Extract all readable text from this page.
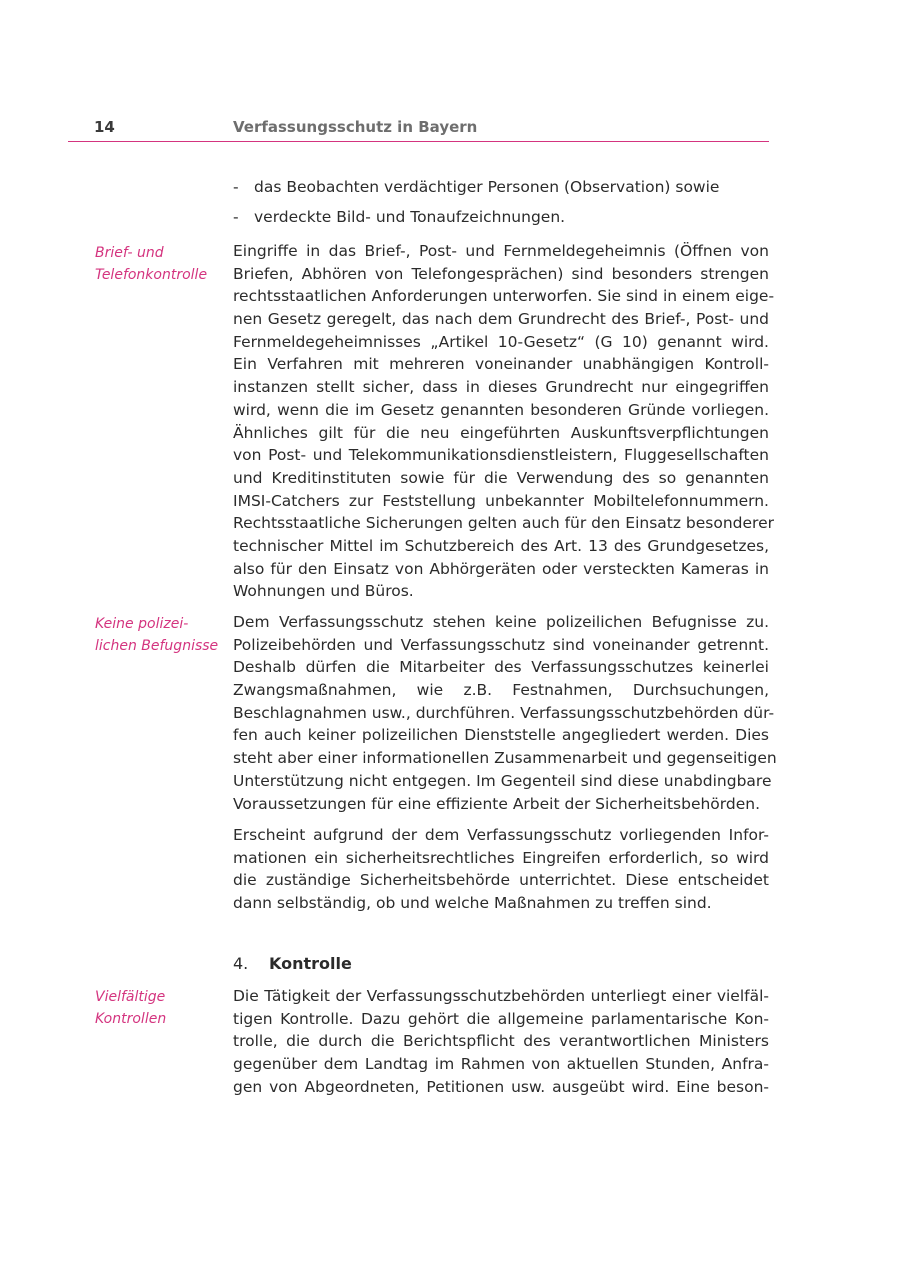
14	Verfassungsschutz in Bayern
- das Beobachten verdächtiger Personen (Observation) sowie
- verdeckte Bild- und Tonaufzeichnungen.
Brief- und
Telefonkontrolle
Eingriffe in das Brief-, Post- und Fernmeldegeheimnis (Öffnen von
Briefen, Abhören von Telefongesprächen) sind besonders strengen
rechtsstaatlichen Anforderungen unterworfen. Sie sind in einem eige-
nen Gesetz geregelt, das nach dem Grundrecht des Brief-, Post- und
Fernmeldegeheimnisses „Artikel 10-Gesetz“ (G 10) genannt wird.
Ein Verfahren mit mehreren voneinander unabhängigen Kontroll-
instanzen stellt sicher, dass in dieses Grundrecht nur eingegriffen
wird, wenn die im Gesetz genannten besonderen Gründe vorliegen.
Ähnliches gilt für die neu eingeführten Auskunftsverpflichtungen
von Post- und Telekommunikationsdienstleistern, Fluggesellschaften
und Kreditinstituten sowie für die Verwendung des so genannten
IMSI-Catchers zur Feststellung unbekannter Mobiltelefonnummern.
Rechtsstaatliche Sicherungen gelten auch für den Einsatz besonderer
technischer Mittel im Schutzbereich des Art. 13 des Grundgesetzes,
also für den Einsatz von Abhörgeräten oder versteckten Kameras in
Wohnungen und Büros.
Keine polizei-
lichen Befugnisse
Dem Verfassungsschutz stehen keine polizeilichen Befugnisse zu.
Polizeibehörden und Verfassungsschutz sind voneinander getrennt.
Deshalb dürfen die Mitarbeiter des Verfassungsschutzes keinerlei
Zwangsmaßnahmen, wie z.B. Festnahmen, Durchsuchungen,
Beschlagnahmen usw., durchführen. Verfassungsschutzbehörden dür-
fen auch keiner polizeilichen Dienststelle angegliedert werden. Dies
steht aber einer informationellen Zusammenarbeit und gegenseitigen
Unterstützung nicht entgegen. Im Gegenteil sind diese unabdingbare
Voraussetzungen für eine effiziente Arbeit der Sicherheitsbehörden.
Erscheint aufgrund der dem Verfassungsschutz vorliegenden Infor-
mationen ein sicherheitsrechtliches Eingreifen erforderlich, so wird
die zuständige Sicherheitsbehörde unterrichtet. Diese entscheidet
dann selbständig, ob und welche Maßnahmen zu treffen sind.
4. Kontrolle
Vielfältige
Kontrollen
Die Tätigkeit der Verfassungsschutzbehörden unterliegt einer vielfäl-
tigen Kontrolle. Dazu gehört die allgemeine parlamentarische Kon-
trolle, die durch die Berichtspflicht des verantwortlichen Ministers
gegenüber dem Landtag im Rahmen von aktuellen Stunden, Anfra-
gen von Abgeordneten, Petitionen usw. ausgeübt wird. Eine beson-
